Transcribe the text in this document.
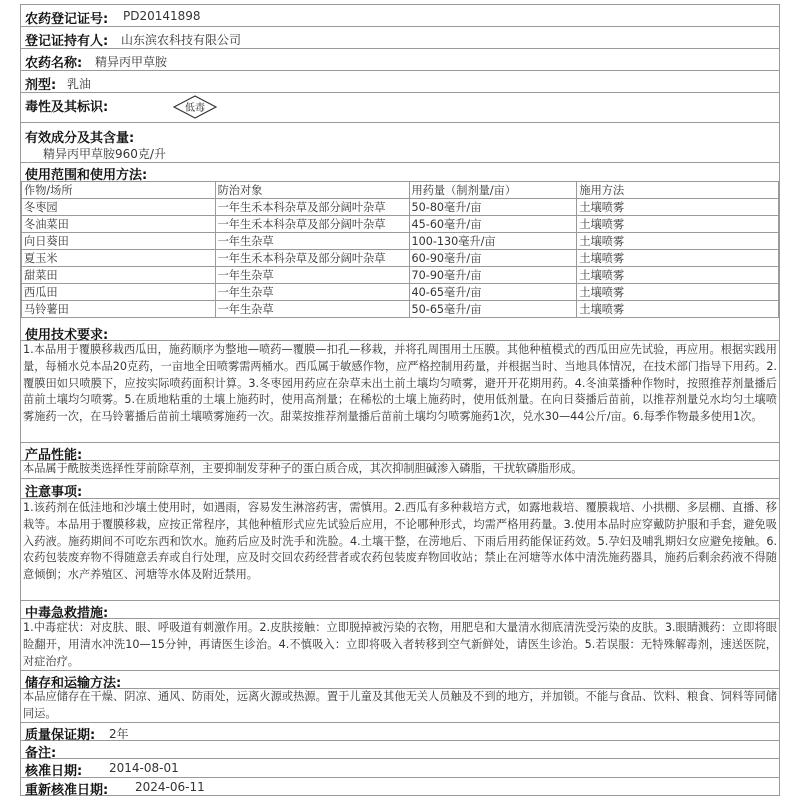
农药登记证号: PD20141898
登记证持有人: 山东滨农科技有限公司
农药名称: 精异丙甲草胺
剂型: 乳油
毒性及其标识:	低毒
有效成分及其含量:
精异丙甲草胺960克/升
使用范围和使用方法:
作物/场所	防治对象	用药量（制剂量/亩）	施用方法
冬枣园	一年生禾本科杂草及部分阔叶杂草	50-80毫升/亩	土壤喷雾
冬油菜田	一年生禾本科杂草及部分阔叶杂草	45-60毫升/亩	土壤喷雾
向日葵田	一年生杂草	100-130毫升/亩	土壤喷雾
夏玉米	一年生禾本科杂草及部分阔叶杂草	60-90毫升/亩	土壤喷雾
甜菜田	一年生杂草	70-90毫升/亩	土壤喷雾
西瓜田	一年生杂草	40-65毫升/亩	土壤喷雾
马铃薯田	一年生杂草	50-65毫升/亩	土壤喷雾
使用技术要求:
1.本品用于覆膜移栽西瓜田，施药顺序为整地—喷药—覆膜—扣孔—移栽，并将孔周围用土压膜。其他种植模式的西瓜田应先试验，再应用。根据实践用量，每桶水兑本品20克药，一亩地全田喷雾需两桶水。西瓜属于敏感作物，应严格控制用药量，并根据当时、当地具体情况，在技术部门指导下用药。2.覆膜田如只喷膜下，应按实际喷药面积计算。3.冬枣园用药应在杂草未出土前土壤均匀喷雾，避开开花期用药。4.冬油菜播种作物时，按照推荐剂量播后苗前土壤均匀喷雾。5.在质地粘重的土壤上施药时，使用高剂量；在稀松的土壤上施药时，使用低剂量。在向日葵播后苗前，以推荐剂量兑水均匀土壤喷雾施药一次，在马铃薯播后苗前土壤喷雾施药一次。甜菜按推荐剂量播后苗前土壤均匀喷雾施药1次，兑水30—44公斤/亩。6.每季作物最多使用1次。
产品性能:
本品属于酰胺类选择性芽前除草剂，主要抑制发芽种子的蛋白质合成，其次抑制胆碱渗入磷脂，干扰软磷脂形成。
注意事项:
1.该药剂在低洼地和沙壤土使用时，如遇雨，容易发生淋溶药害，需慎用。2.西瓜有多种栽培方式，如露地栽培、覆膜栽培、小拱棚、多层棚、直播、移栽等。本品用于覆膜移栽，应按正常程序，其他种植形式应先试验后应用，不论哪种形式，均需严格用药量。3.使用本品时应穿戴防护服和手套，避免吸入药液。施药期间不可吃东西和饮水。施药后应及时洗手和洗脸。4.土壤干整，在涝地后、下雨后用药能保证药效。5.孕妇及哺乳期妇女应避免接触。6.农药包装废弃物不得随意丢弃或自行处理，应及时交回农药经营者或农药包装废弃物回收站；禁止在河塘等水体中清洗施药器具，施药后剩余药液不得随意倾倒；水产养殖区、河塘等水体及附近禁用。
中毒急救措施:
1.中毒症状：对皮肤、眼、呼吸道有刺激作用。2.皮肤接触：立即脱掉被污染的衣物，用肥皂和大量清水彻底清洗受污染的皮肤。3.眼睛溅药：立即将眼睑翻开，用清水冲洗10—15分钟，再请医生诊治。4.不慎吸入：立即将吸入者转移到空气新鲜处，请医生诊治。5.若误服：无特殊解毒剂，速送医院，对症治疗。
储存和运输方法:
本品应储存在干燥、阴凉、通风、防雨处，远离火源或热源。置于儿童及其他无关人员触及不到的地方，并加锁。不能与食品、饮料、粮食、饲料等同储同运。
质量保证期: 2年
备注:
核准日期: 2014-08-01
重新核准日期: 2024-06-11
